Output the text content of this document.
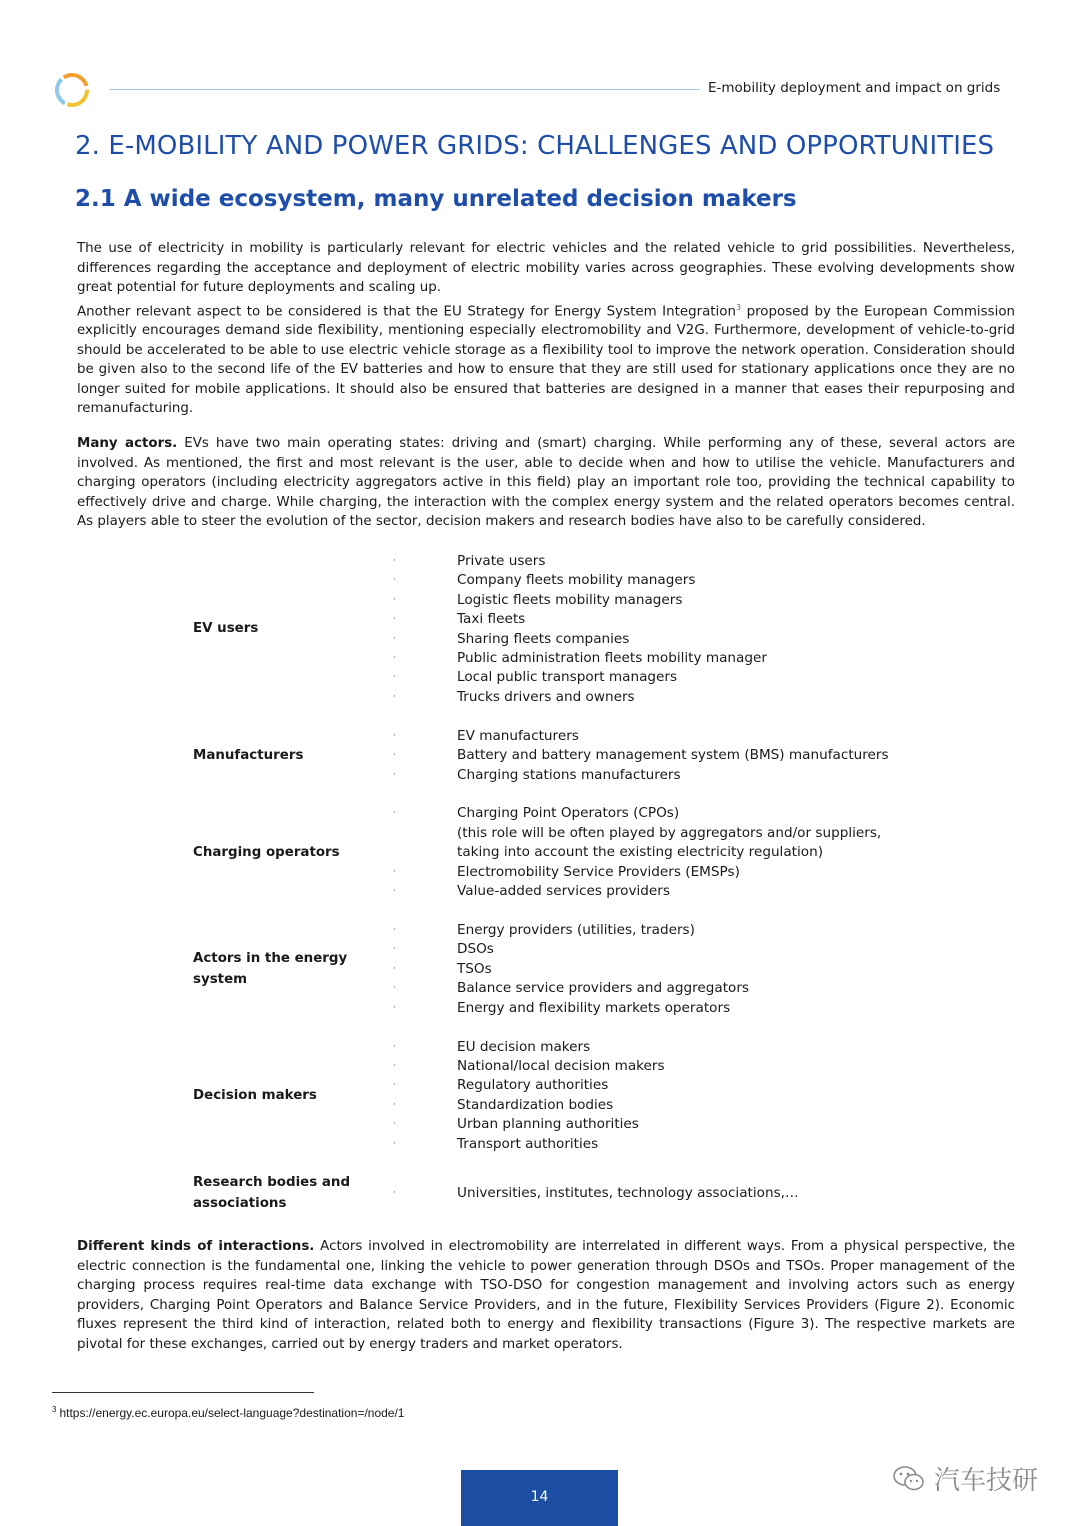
E-mobility deployment and impact on grids
2. E-MOBILITY AND POWER GRIDS: CHALLENGES AND OPPORTUNITIES
2.1 A wide ecosystem, many unrelated decision makers

The use of electricity in mobility is particularly relevant for electric vehicles and the related vehicle to grid possibilities. Nevertheless, differences regarding the acceptance and deployment of electric mobility varies across geographies. These evolving developments show great potential for future deployments and scaling up.

Another relevant aspect to be considered is that the EU Strategy for Energy System Integration$^3$ proposed by the European Commission explicitly encourages demand side flexibility, mentioning especially electromobility and V2G. Furthermore, development of vehicle-to-grid should be accelerated to be able to use electric vehicle storage as a flexibility tool to improve the network operation. Consideration should be given also to the second life of the EV batteries and how to ensure that they are still used for stationary applications once they are no longer suited for mobile applications. It should also be ensured that batteries are designed in a manner that eases their repurposing and remanufacturing.

Many actors. EVs have two main operating states: driving and (smart) charging. While performing any of these, several actors are involved. As mentioned, the first and most relevant is the user, able to decide when and how to utilise the vehicle. Manufacturers and charging operators (including electricity aggregators active in this field) play an important role too, providing the technical capability to effectively drive and charge. While charging, the interaction with the complex energy system and the related operators becomes central. As players able to steer the evolution of the sector, decision makers and research bodies have also to be carefully considered.

EV users
·	Private users
·	Company fleets mobility managers
·	Logistic fleets mobility managers
·	Taxi fleets
·	Sharing fleets companies
·	Public administration fleets mobility manager
·	Local public transport managers
·	Trucks drivers and owners
Manufacturers
·	EV manufacturers
·	Battery and battery management system (BMS) manufacturers
·	Charging stations manufacturers
Charging operators
·	Charging Point Operators (CPOs)
(this role will be often played by aggregators and/or suppliers,
taking into account the existing electricity regulation)
·	Electromobility Service Providers (EMSPs)
·	Value-added services providers
Actors in the energy system
·	Energy providers (utilities, traders)
·	DSOs
·	TSOs
·	Balance service providers and aggregators
·	Energy and flexibility markets operators
Decision makers
·	EU decision makers
·	National/local decision makers
·	Regulatory authorities
·	Standardization bodies
·	Urban planning authorities
·	Transport authorities
Research bodies and associations
·	Universities, institutes, technology associations,…

Different kinds of interactions. Actors involved in electromobility are interrelated in different ways. From a physical perspective, the electric connection is the fundamental one, linking the vehicle to power generation through DSOs and TSOs. Proper management of the charging process requires real-time data exchange with TSO-DSO for congestion management and involving actors such as energy providers, Charging Point Operators and Balance Service Providers, and in the future, Flexibility Services Providers (Figure 2). Economic fluxes represent the third kind of interaction, related both to energy and flexibility transactions (Figure 3). The respective markets are pivotal for these exchanges, carried out by energy traders and market operators.

$^3$ https://energy.ec.europa.eu/select-language?destination=/node/1
14
汽车技研
